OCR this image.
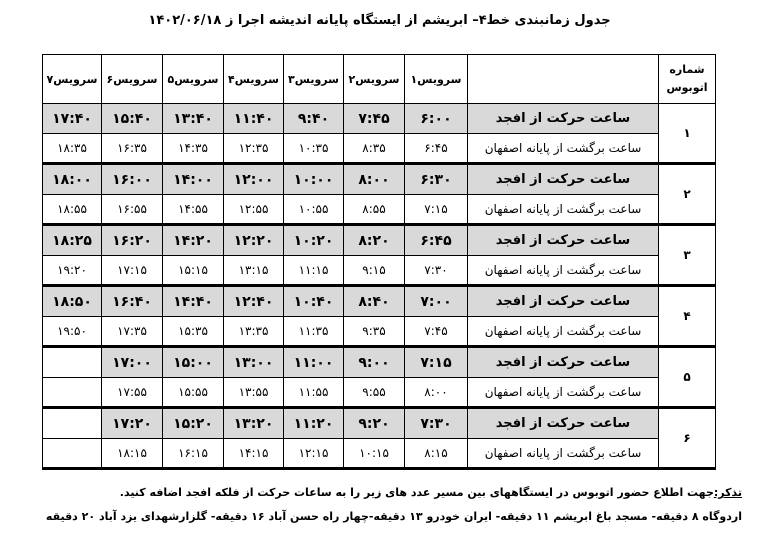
جدول زمانبندی خط۴– ابریشم از ایستگاه پایانه اندیشه اجرا ز ۱۴۰۲/۰۶/۱۸
شماره
اتوبوس		سرویس۱	سرویس۲	سرویس۳	سرویس۴	سرویس۵	سرویس۶	سرویس۷
۱	ساعت حرکت از افجد	۶:۰۰	۷:۴۵	۹:۴۰	۱۱:۴۰	۱۳:۴۰	۱۵:۴۰	۱۷:۴۰
	ساعت برگشت از پایانه اصفهان	۶:۴۵	۸:۳۵	۱۰:۳۵	۱۲:۳۵	۱۴:۳۵	۱۶:۳۵	۱۸:۳۵
۲	ساعت حرکت از افجد	۶:۳۰	۸:۰۰	۱۰:۰۰	۱۲:۰۰	۱۴:۰۰	۱۶:۰۰	۱۸:۰۰
	ساعت برگشت از پایانه اصفهان	۷:۱۵	۸:۵۵	۱۰:۵۵	۱۲:۵۵	۱۴:۵۵	۱۶:۵۵	۱۸:۵۵
۳	ساعت حرکت از افجد	۶:۴۵	۸:۲۰	۱۰:۲۰	۱۲:۲۰	۱۴:۲۰	۱۶:۲۰	۱۸:۲۵
	ساعت برگشت از پایانه اصفهان	۷:۳۰	۹:۱۵	۱۱:۱۵	۱۳:۱۵	۱۵:۱۵	۱۷:۱۵	۱۹:۲۰
۴	ساعت حرکت از افجد	۷:۰۰	۸:۴۰	۱۰:۴۰	۱۲:۴۰	۱۴:۴۰	۱۶:۴۰	۱۸:۵۰
	ساعت برگشت از پایانه اصفهان	۷:۴۵	۹:۳۵	۱۱:۳۵	۱۳:۳۵	۱۵:۳۵	۱۷:۳۵	۱۹:۵۰
۵	ساعت حرکت از افجد	۷:۱۵	۹:۰۰	۱۱:۰۰	۱۳:۰۰	۱۵:۰۰	۱۷:۰۰	
	ساعت برگشت از پایانه اصفهان	۸:۰۰	۹:۵۵	۱۱:۵۵	۱۳:۵۵	۱۵:۵۵	۱۷:۵۵	
۶	ساعت حرکت از افجد	۷:۳۰	۹:۲۰	۱۱:۲۰	۱۳:۲۰	۱۵:۲۰	۱۷:۲۰	
	ساعت برگشت از پایانه اصفهان	۸:۱۵	۱۰:۱۵	۱۲:۱۵	۱۴:۱۵	۱۶:۱۵	۱۸:۱۵	
تذکر:جهت اطلاع حضور اتوبوس در ایستگاههای بین مسیر عدد های زیر را به ساعات حرکت از فلکه افجد اضافه کنید.
اردوگاه ۸ دقیقه- مسجد باغ ابریشم ۱۱ دقیقه- ایران خودرو ۱۳ دقیقه-چهار راه حسن آباد ۱۶ دقیقه- گلزارشهدای یزد آباد ۲۰ دقیقه
